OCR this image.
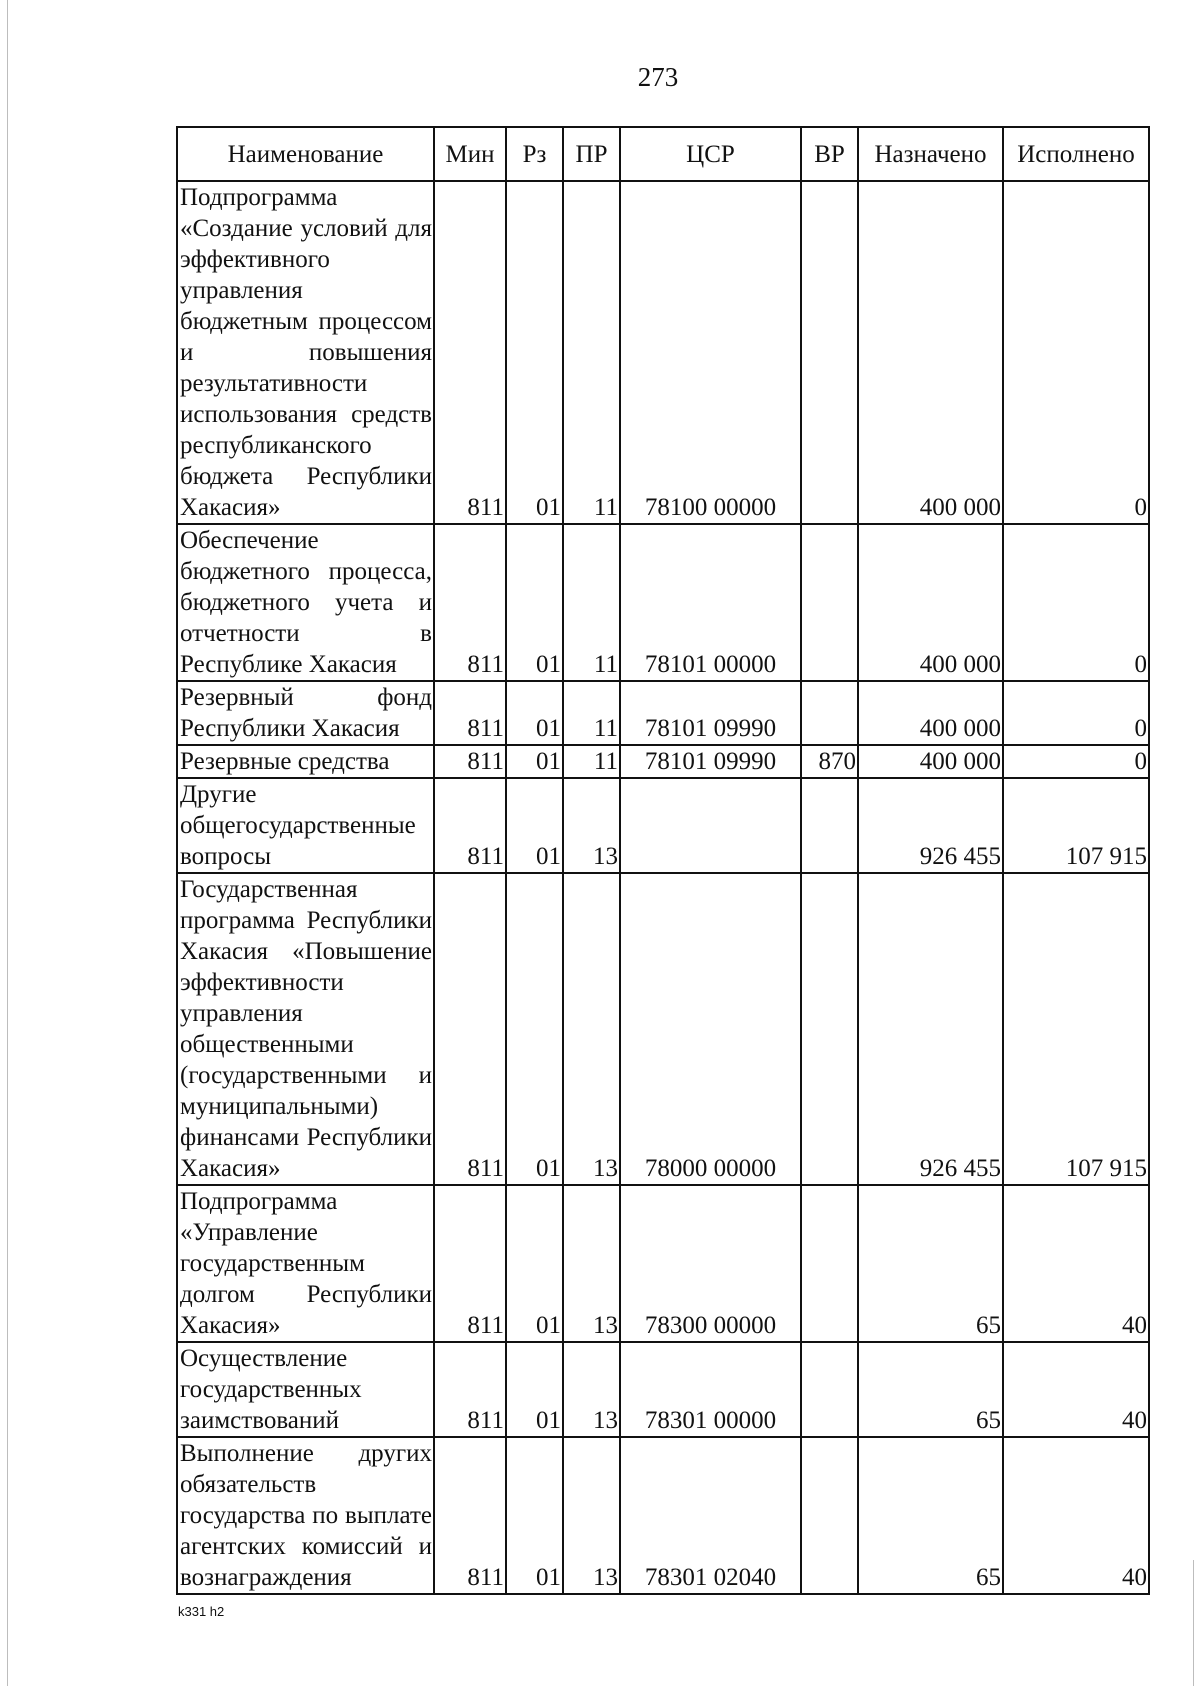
273
Наименование	Мин	Рз	ПР	ЦСР	ВР	Назначено	Исполнено
Подпрограмма «Создание условий для эффективного управления бюджетным процессом и повышения результативности использования средств республиканского бюджета Республики Хакасия»	811	01	11	78100 00000		400 000	0
Обеспечение бюджетного процесса, бюджетного учета и отчетности в Республике Хакасия	811	01	11	78101 00000		400 000	0
Резервный фонд Республики Хакасия	811	01	11	78101 09990		400 000	0
Резервные средства	811	01	11	78101 09990	870	400 000	0
Другие общегосударственные вопросы	811	01	13			926 455	107 915
Государственная программа Республики Хакасия «Повышение эффективности управления общественными (государственными и муниципальными) финансами Республики Хакасия»	811	01	13	78000 00000		926 455	107 915
Подпрограмма «Управление государственным долгом Республики Хакасия»	811	01	13	78300 00000		65	40
Осуществление государственных заимствований	811	01	13	78301 00000		65	40
Выполнение других обязательств государства по выплате агентских комиссий и вознаграждения	811	01	13	78301 02040		65	40
k331 h2
